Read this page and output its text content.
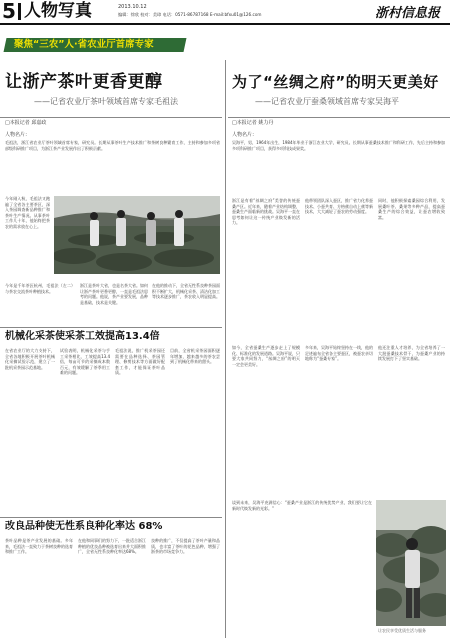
5 人物写真	2013.10.12
编辑：徐欣 校对：美璋 电话：0571-86787168 E-mail:bfxu01@126.com	浙村信息报
聚焦“三农”人·省农业厅首席专家
让浙产茶叶更香更醇
——记省农业厅茶叶领域首席专家毛祖法
□本报记者 邱嘉政
人物名片：
毛祖法，浙江省农业厅茶叶领域首席专家，研究员。长期从事茶叶生产技术推广和茶树良种繁育工作，主持和参加多项省部级科研推广项目，为浙江茶产业发展作出了积极贡献。
今年刚入秋，毛祖法又跑遍了全省各主要茶区，深入茶园调查新品种推广和茶叶生产情况。从事茶叶工作几十年，他始终把茶农的需求放在心上。
今年是千年茶匠杭州，毛祖法（左二）与茶农交流茶叶种植技术。
浙江是茶叶大省，也是名茶大省。如何让浙产茶叶更香更醇，一直是毛祖法思考的问题。他说，茶产业要发展，品种是基础，技术是关键。
在他的推动下，全省无性系良种茶园面积不断扩大，机械化采茶、清洁化加工等技术逐步推广，茶农收入明显提高。
机械化采茶使采茶工效提高13.4倍
在省农业厅的大力支持下，全省各地积极开展茶叶机械化采摘试验示范，建立了一批机采茶园示范基地。
试验表明，机械化采茶与手工采茶相比，工效提高13.4倍，每亩可节约采摘成本数百元，有效缓解了茶季用工难的问题。
毛祖法说，推广机采茶园还需要在品种选择、茶园管理、修剪技术等方面做好配套工作，才能保证茶叶品质。
目前，全省机采茶园面积逐年增加，越来越多的茶农尝到了机械化带来的甜头。
改良品种使无性系良种化率达 68%
茶叶品种是茶产业发展的基础。多年来，毛祖法一直致力于茶树良种的选育和推广工作。
在他和同事们的努力下，一批适合浙江种植的优良品种被选育出来并大面积推广，全省无性系良种化率达68%。
良种的推广，不仅提高了茶叶产量和品质，也丰富了茶叶的花色品种，增强了浙茶的市场竞争力。
为了“丝绸之府”的明天更美好
——记省农业厅蚕桑领域首席专家吴海平
□本报记者 姚力丹
人物名片：
吴海平，男，1964年出生，1984年毕业于浙江农业大学，研究员。长期从事蚕桑技术推广和科研工作，先后主持和参加多项科研推广项目，获得多项科技成果奖。
浙江是有着“丝绸之府”美誉的传统蚕桑产区。近年来，随着产业结构调整，蚕桑生产面临新的挑战。吴海平一直在思考如何让这一传统产业焕发新的活力。
他带领团队深入蚕区，推广省力化养蚕技术、小蚕共育、方格蔟自动上蔟等新技术，大大减轻了蚕农的劳动强度。
同时，他积极探索桑园综合利用，发展桑叶茶、桑果等多种产品，提高蚕桑生产的综合效益，让蚕农增收致富。
如今，全省蚕桑生产逐步走上了规模化、标准化的发展道路。吴海平说，只要大家共同努力，“丝绸之府”的明天一定会更美好。
多年来，吴海平始终坚持在一线，他的足迹遍布全省各主要蚕区，被蚕农亲切地称为“蚕桑专家”。
他还注重人才培养，为全省培养了一大批蚕桑技术骨干，为蚕桑产业的持续发展打下了坚实基础。
谈到未来，吴海平充满信心：“蚕桑产业是浙江的传统优势产业，我们要让它在新时代焕发新的光彩。”
让农民享受优质生活与服务
